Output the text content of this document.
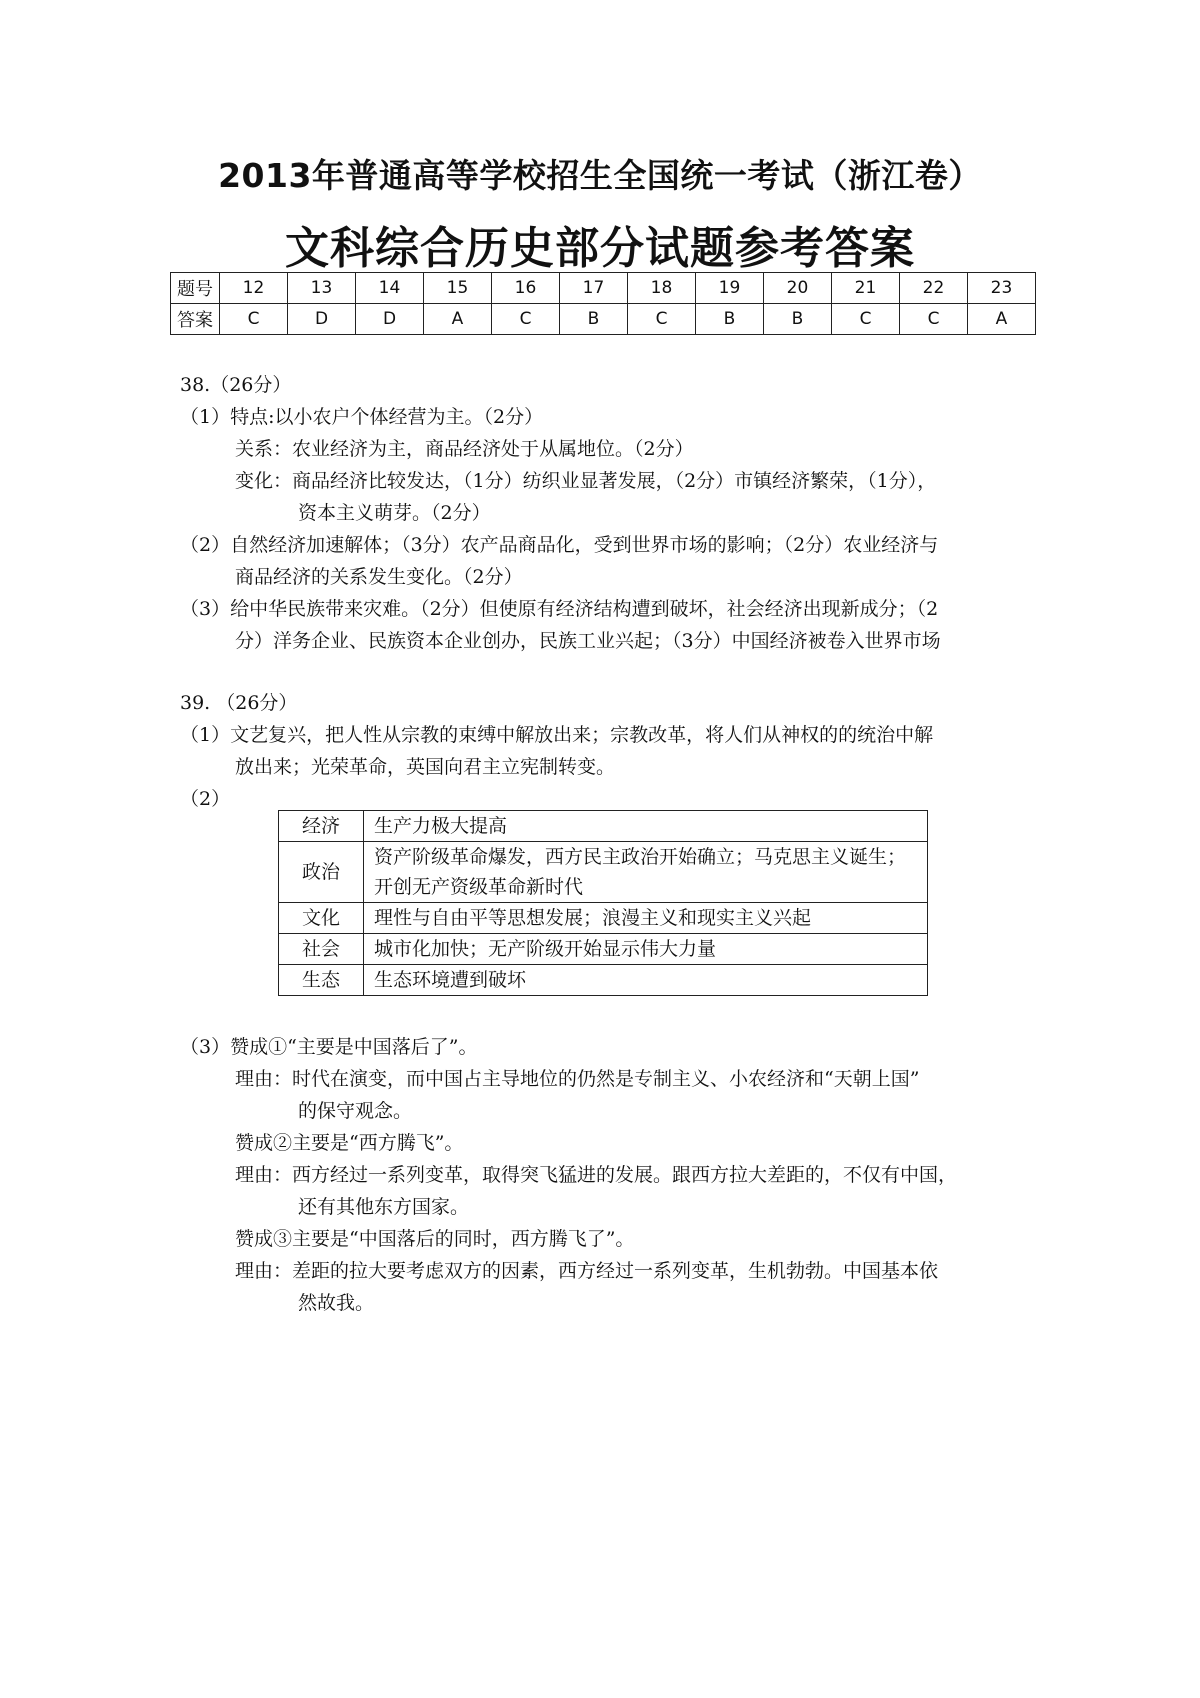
2013年普通高等学校招生全国统一考试（浙江卷）
文科综合历史部分试题参考答案
题号	12	13	14	15	16	17	18	19	20	21	22	23
答案	C	D	D	A	C	B	C	B	B	C	C	A
38.（26分）
（1）特点:以小农户个体经营为主。（2分）
关系：农业经济为主，商品经济处于从属地位。（2分）
变化：商品经济比较发达，（1分）纺织业显著发展，（2分）市镇经济繁荣，（1分），
资本主义萌芽。（2分）
（2）自然经济加速解体；（3分）农产品商品化，受到世界市场的影响；（2分）农业经济与
商品经济的关系发生变化。（2分）
（3）给中华民族带来灾难。（2分）但使原有经济结构遭到破坏，社会经济出现新成分；（2
分）洋务企业、民族资本企业创办，民族工业兴起；（3分）中国经济被卷入世界市场
39. （26分）
（1）文艺复兴，把人性从宗教的束缚中解放出来；宗教改革，将人们从神权的的统治中解
放出来；光荣革命，英国向君主立宪制转变。
（2）
经济	生产力极大提高
政治	资产阶级革命爆发，西方民主政治开始确立；马克思主义诞生；开创无产资级革命新时代
文化	理性与自由平等思想发展；浪漫主义和现实主义兴起
社会	城市化加快；无产阶级开始显示伟大力量
生态	生态环境遭到破坏
（3）赞成①“主要是中国落后了”。
理由：时代在演变，而中国占主导地位的仍然是专制主义、小农经济和“天朝上国”
的保守观念。
赞成②主要是“西方腾飞”。
理由：西方经过一系列变革，取得突飞猛进的发展。跟西方拉大差距的，不仅有中国，
还有其他东方国家。
赞成③主要是“中国落后的同时，西方腾飞了”。
理由：差距的拉大要考虑双方的因素，西方经过一系列变革，生机勃勃。中国基本依
然故我。
